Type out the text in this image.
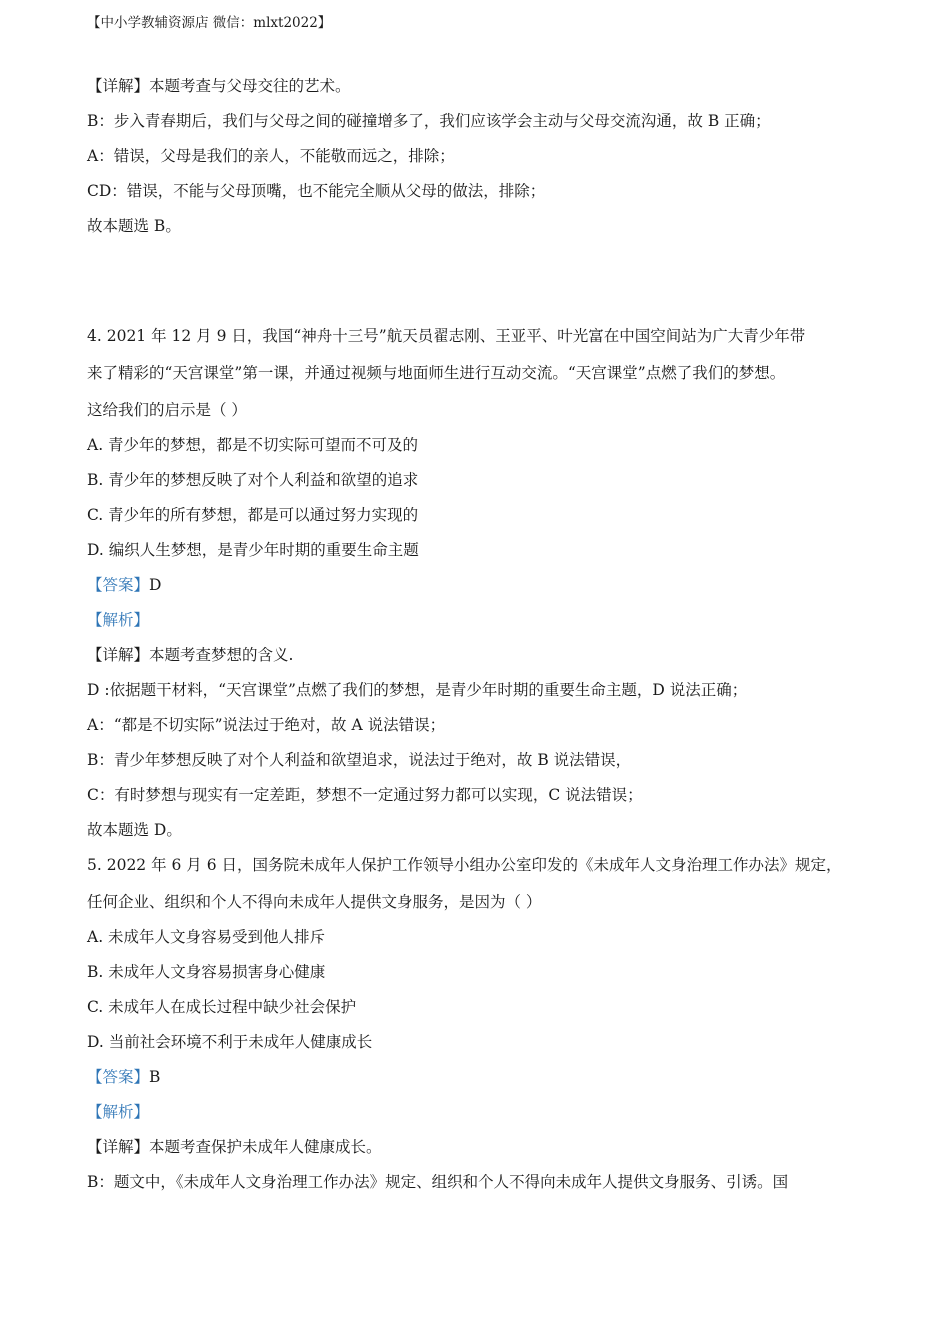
【中小学教辅资源店 微信：mlxt2022】
【详解】本题考查与父母交往的艺术。
B：步入青春期后，我们与父母之间的碰撞增多了，我们应该学会主动与父母交流沟通，故 B 正确；
A：错误，父母是我们的亲人，不能敬而远之，排除；
CD：错误，不能与父母顶嘴，也不能完全顺从父母的做法，排除；
故本题选 B。
4. 2021 年 12 月 9 日，我国“神舟十三号”航天员翟志刚、王亚平、叶光富在中国空间站为广大青少年带
来了精彩的“天宫课堂”第一课，并通过视频与地面师生进行互动交流。“天宫课堂”点燃了我们的梦想。
这给我们的启示是（ ）
A. 青少年的梦想，都是不切实际可望而不可及的
B. 青少年的梦想反映了对个人利益和欲望的追求
C. 青少年的所有梦想，都是可以通过努力实现的
D. 编织人生梦想，是青少年时期的重要生命主题
【答案】D
【解析】
【详解】本题考查梦想的含义.
D :依据题干材料，“天宫课堂”点燃了我们的梦想，是青少年时期的重要生命主题，D 说法正确；
A：“都是不切实际”说法过于绝对，故 A 说法错误；
B：青少年梦想反映了对个人利益和欲望追求，说法过于绝对，故 B 说法错误，
C：有时梦想与现实有一定差距，梦想不一定通过努力都可以实现，C 说法错误；
故本题选 D。
5. 2022 年 6 月 6 日，国务院未成年人保护工作领导小组办公室印发的《未成年人文身治理工作办法》规定，
任何企业、组织和个人不得向未成年人提供文身服务，是因为（ ）
A. 未成年人文身容易受到他人排斥
B. 未成年人文身容易损害身心健康
C. 未成年人在成长过程中缺少社会保护
D. 当前社会环境不利于未成年人健康成长
【答案】B
【解析】
【详解】本题考查保护未成年人健康成长。
B：题文中，《未成年人文身治理工作办法》规定、组织和个人不得向未成年人提供文身服务、引诱。国
